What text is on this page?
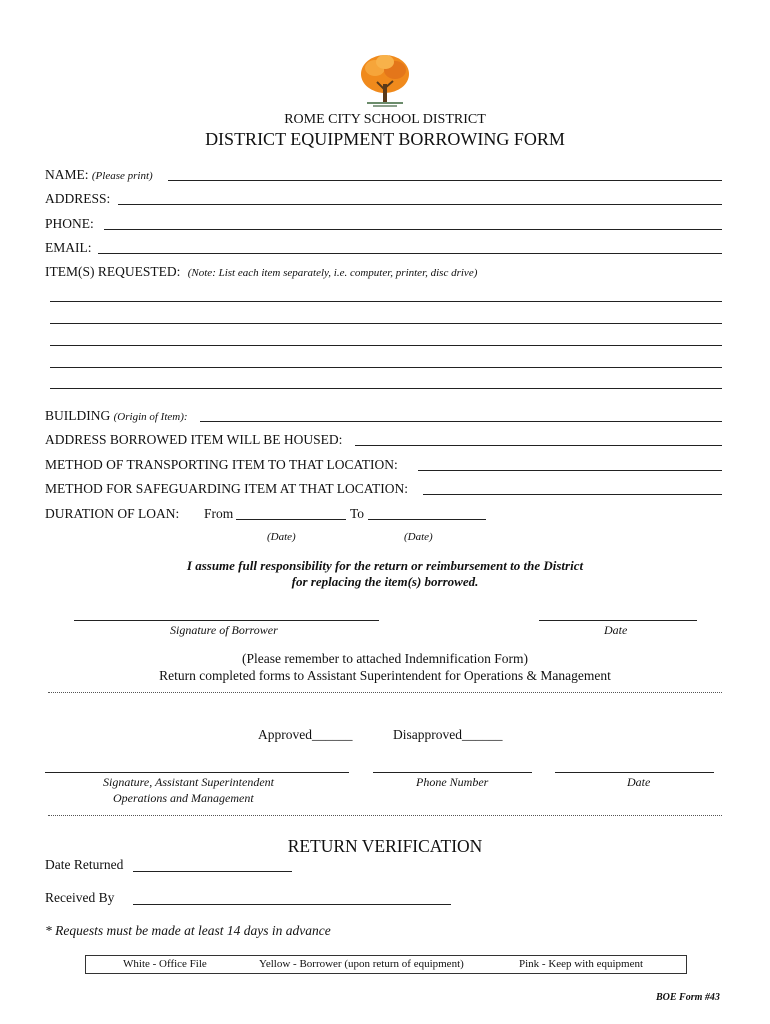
ROME CITY SCHOOL DISTRICT
DISTRICT EQUIPMENT BORROWING FORM
NAME: (Please print)
ADDRESS:
PHONE:
EMAIL:
ITEM(S) REQUESTED: (Note: List each item separately, i.e. computer, printer, disc drive)
BUILDING (Origin of Item):
ADDRESS BORROWED ITEM WILL BE HOUSED:
METHOD OF TRANSPORTING ITEM TO THAT LOCATION:
METHOD FOR SAFEGUARDING ITEM AT THAT LOCATION:
DURATION OF LOAN: From	To
(Date)	(Date)
I assume full responsibility for the return or reimbursement to the District
for replacing the item(s) borrowed.
Signature of Borrower	Date
(Please remember to attached Indemnification Form)
Return completed forms to Assistant Superintendent for Operations & Management
Approved______	Disapproved______
Signature, Assistant Superintendent
Operations and Management
Phone Number	Date
RETURN VERIFICATION
Date Returned
Received By
* Requests must be made at least 14 days in advance
White - Office File	Yellow - Borrower (upon return of equipment)	Pink - Keep with equipment
BOE Form #43
